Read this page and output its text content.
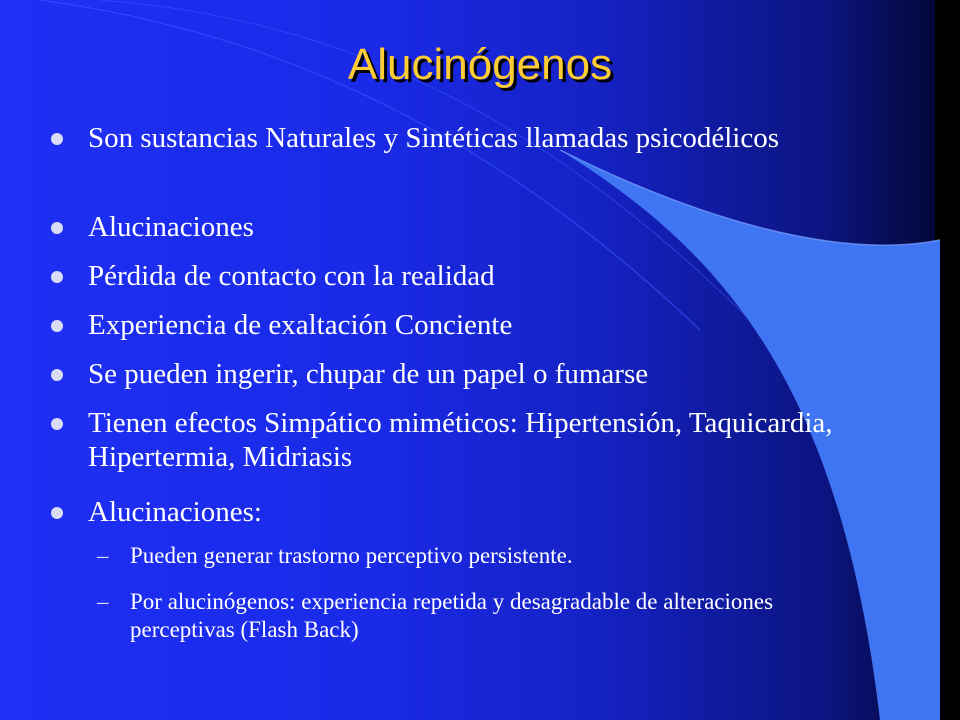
Alucinógenos
Son sustancias Naturales y Sintéticas llamadas psicodélicos
Alucinaciones
Pérdida de contacto con la realidad
Experiencia de exaltación Conciente
Se pueden ingerir, chupar de un papel o fumarse
Tienen efectos Simpático miméticos: Hipertensión, Taquicardia, Hipertermia, Midriasis
Alucinaciones:
– Pueden generar trastorno perceptivo persistente.
– Por alucinógenos: experiencia repetida y desagradable de alteraciones perceptivas (Flash Back)
